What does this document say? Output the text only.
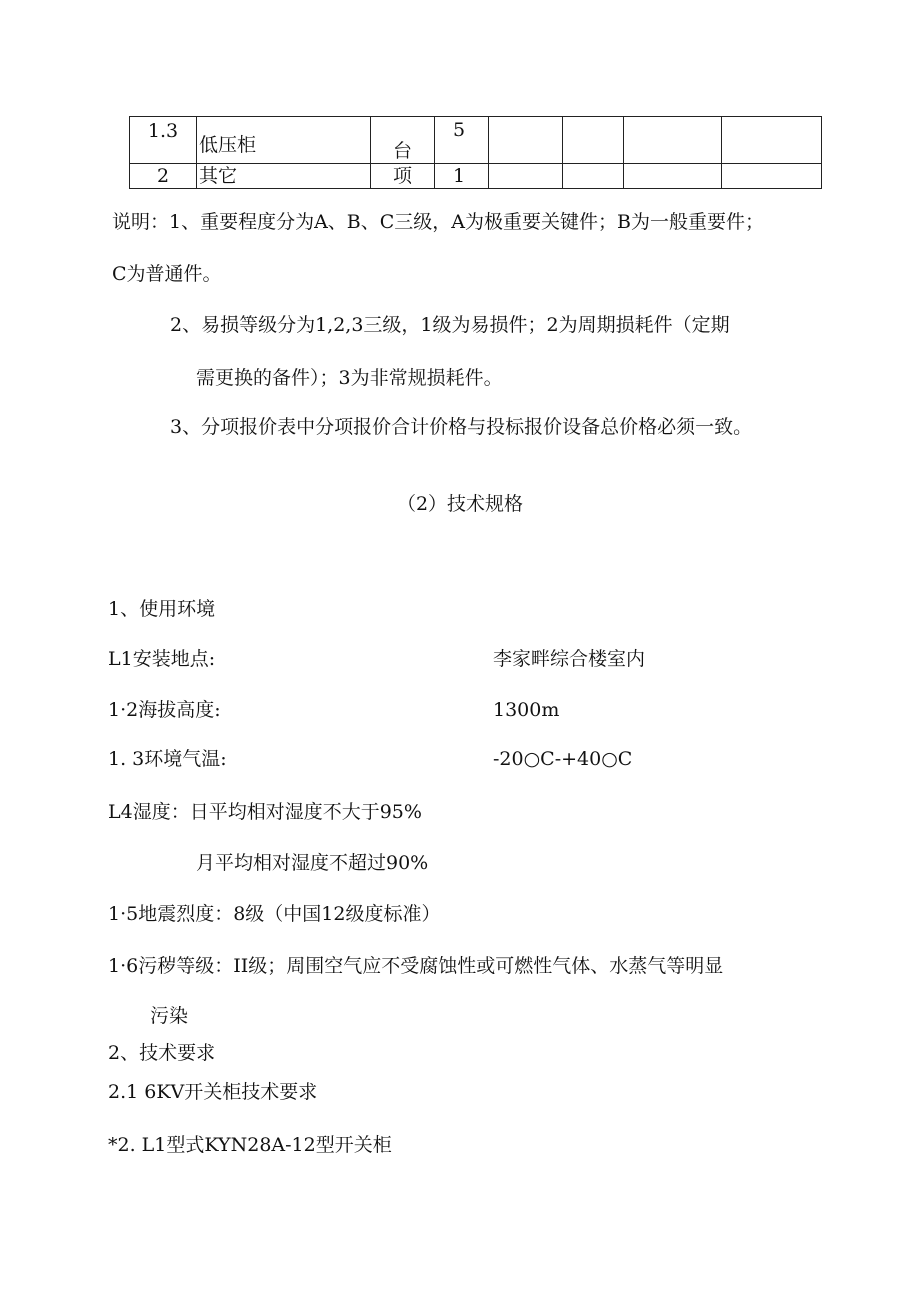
1.3	低压柜	台	5				
2	其它	项	1				
说明：1、重要程度分为A、B、C三级，A为极重要关键件；B为一般重要件；
C为普通件。
2、易损等级分为1,2,3三级，1级为易损件；2为周期损耗件（定期
需更换的备件）；3为非常规损耗件。
3、分项报价表中分项报价合计价格与投标报价设备总价格必须一致。
（2）技术规格
1、使用环境
L1安装地点:	李家畔综合楼室内
1·2海拔高度:	1300m
1. 3环境气温:	-20○C-+40○C
L4湿度：日平均相对湿度不大于95%
月平均相对湿度不超过90%
1·5地震烈度：8级（中国12级度标准）
1·6污秽等级：II级；周围空气应不受腐蚀性或可燃性气体、水蒸气等明显
污染
2、技术要求
2.1 6KV开关柜技术要求
*2. L1型式KYN28A-12型开关柜
